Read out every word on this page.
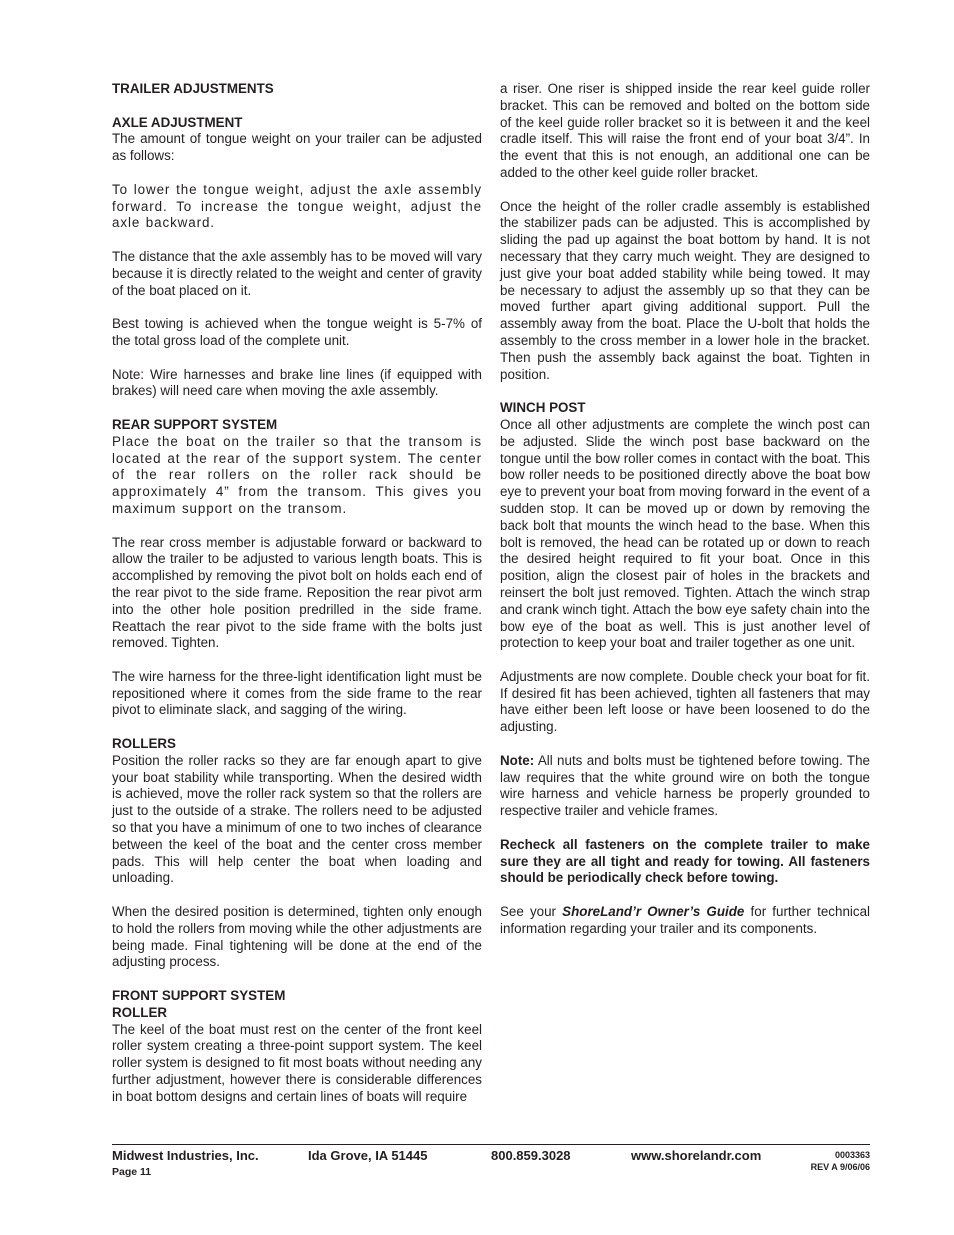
TRAILER ADJUSTMENTS
AXLE ADJUSTMENT

The amount of tongue weight on your trailer can be adjusted as follows:

To lower the tongue weight, adjust the axle assembly forward. To increase the tongue weight, adjust the axle backward.

The distance that the axle assembly has to be moved will vary because it is directly related to the weight and center of gravity of the boat placed on it.

Best towing is achieved when the tongue weight is 5-7% of the total gross load of the complete unit.

Note: Wire harnesses and brake line lines (if equipped with brakes) will need care when moving the axle assembly.

REAR SUPPORT SYSTEM

Place the boat on the trailer so that the transom is located at the rear of the support system. The center of the rear rollers on the roller rack should be approximately 4” from the transom. This gives you maximum support on the transom.

The rear cross member is adjustable forward or backward to allow the trailer to be adjusted to various length boats. This is accomplished by removing the pivot bolt on holds each end of the rear pivot to the side frame. Reposition the rear pivot arm into the other hole position predrilled in the side frame. Reattach the rear pivot to the side frame with the bolts just removed. Tighten.

The wire harness for the three-light identification light must be repositioned where it comes from the side frame to the rear pivot to eliminate slack, and sagging of the wiring.

ROLLERS

Position the roller racks so they are far enough apart to give your boat stability while transporting. When the desired width is achieved, move the roller rack system so that the rollers are just to the outside of a strake. The rollers need to be adjusted so that you have a minimum of one to two inches of clearance between the keel of the boat and the center cross member pads. This will help center the boat when loading and unloading.

When the desired position is determined, tighten only enough to hold the rollers from moving while the other adjustments are being made. Final tightening will be done at the end of the adjusting process.

FRONT SUPPORT SYSTEM
ROLLER

The keel of the boat must rest on the center of the front keel roller system creating a three-point support system. The keel roller system is designed to fit most boats without needing any further adjustment, however there is considerable differences in boat bottom designs and certain lines of boats will require

a riser. One riser is shipped inside the rear keel guide roller bracket. This can be removed and bolted on the bottom side of the keel guide roller bracket so it is between it and the keel cradle itself. This will raise the front end of your boat 3/4”. In the event that this is not enough, an additional one can be added to the other keel guide roller bracket.

Once the height of the roller cradle assembly is established the stabilizer pads can be adjusted. This is accomplished by sliding the pad up against the boat bottom by hand. It is not necessary that they carry much weight. They are designed to just give your boat added stability while being towed. It may be necessary to adjust the assembly up so that they can be moved further apart giving additional support. Pull the assembly away from the boat. Place the U-bolt that holds the assembly to the cross member in a lower hole in the bracket. Then push the assembly back against the boat. Tighten in position.

WINCH POST

Once all other adjustments are complete the winch post can be adjusted. Slide the winch post base backward on the tongue until the bow roller comes in contact with the boat. This bow roller needs to be positioned directly above the boat bow eye to prevent your boat from moving forward in the event of a sudden stop. It can be moved up or down by removing the back bolt that mounts the winch head to the base. When this bolt is removed, the head can be rotated up or down to reach the desired height required to fit your boat. Once in this position, align the closest pair of holes in the brackets and reinsert the bolt just removed. Tighten. Attach the winch strap and crank winch tight. Attach the bow eye safety chain into the bow eye of the boat as well. This is just another level of protection to keep your boat and trailer together as one unit.

Adjustments are now complete. Double check your boat for fit. If desired fit has been achieved, tighten all fasteners that may have either been left loose or have been loosened to do the adjusting.

Note: All nuts and bolts must be tightened before towing. The law requires that the white ground wire on both the tongue wire harness and vehicle harness be properly grounded to respective trailer and vehicle frames.

Recheck all fasteners on the complete trailer to make sure they are all tight and ready for towing. All fasteners should be periodically check before towing.

See your ShoreLand’r Owner’s Guide for further technical information regarding your trailer and its components.

Midwest Industries, Inc.	Ida Grove, IA 51445	800.859.3028	www.shorelandr.com	0003363
REV A 9/06/06
Page 11
